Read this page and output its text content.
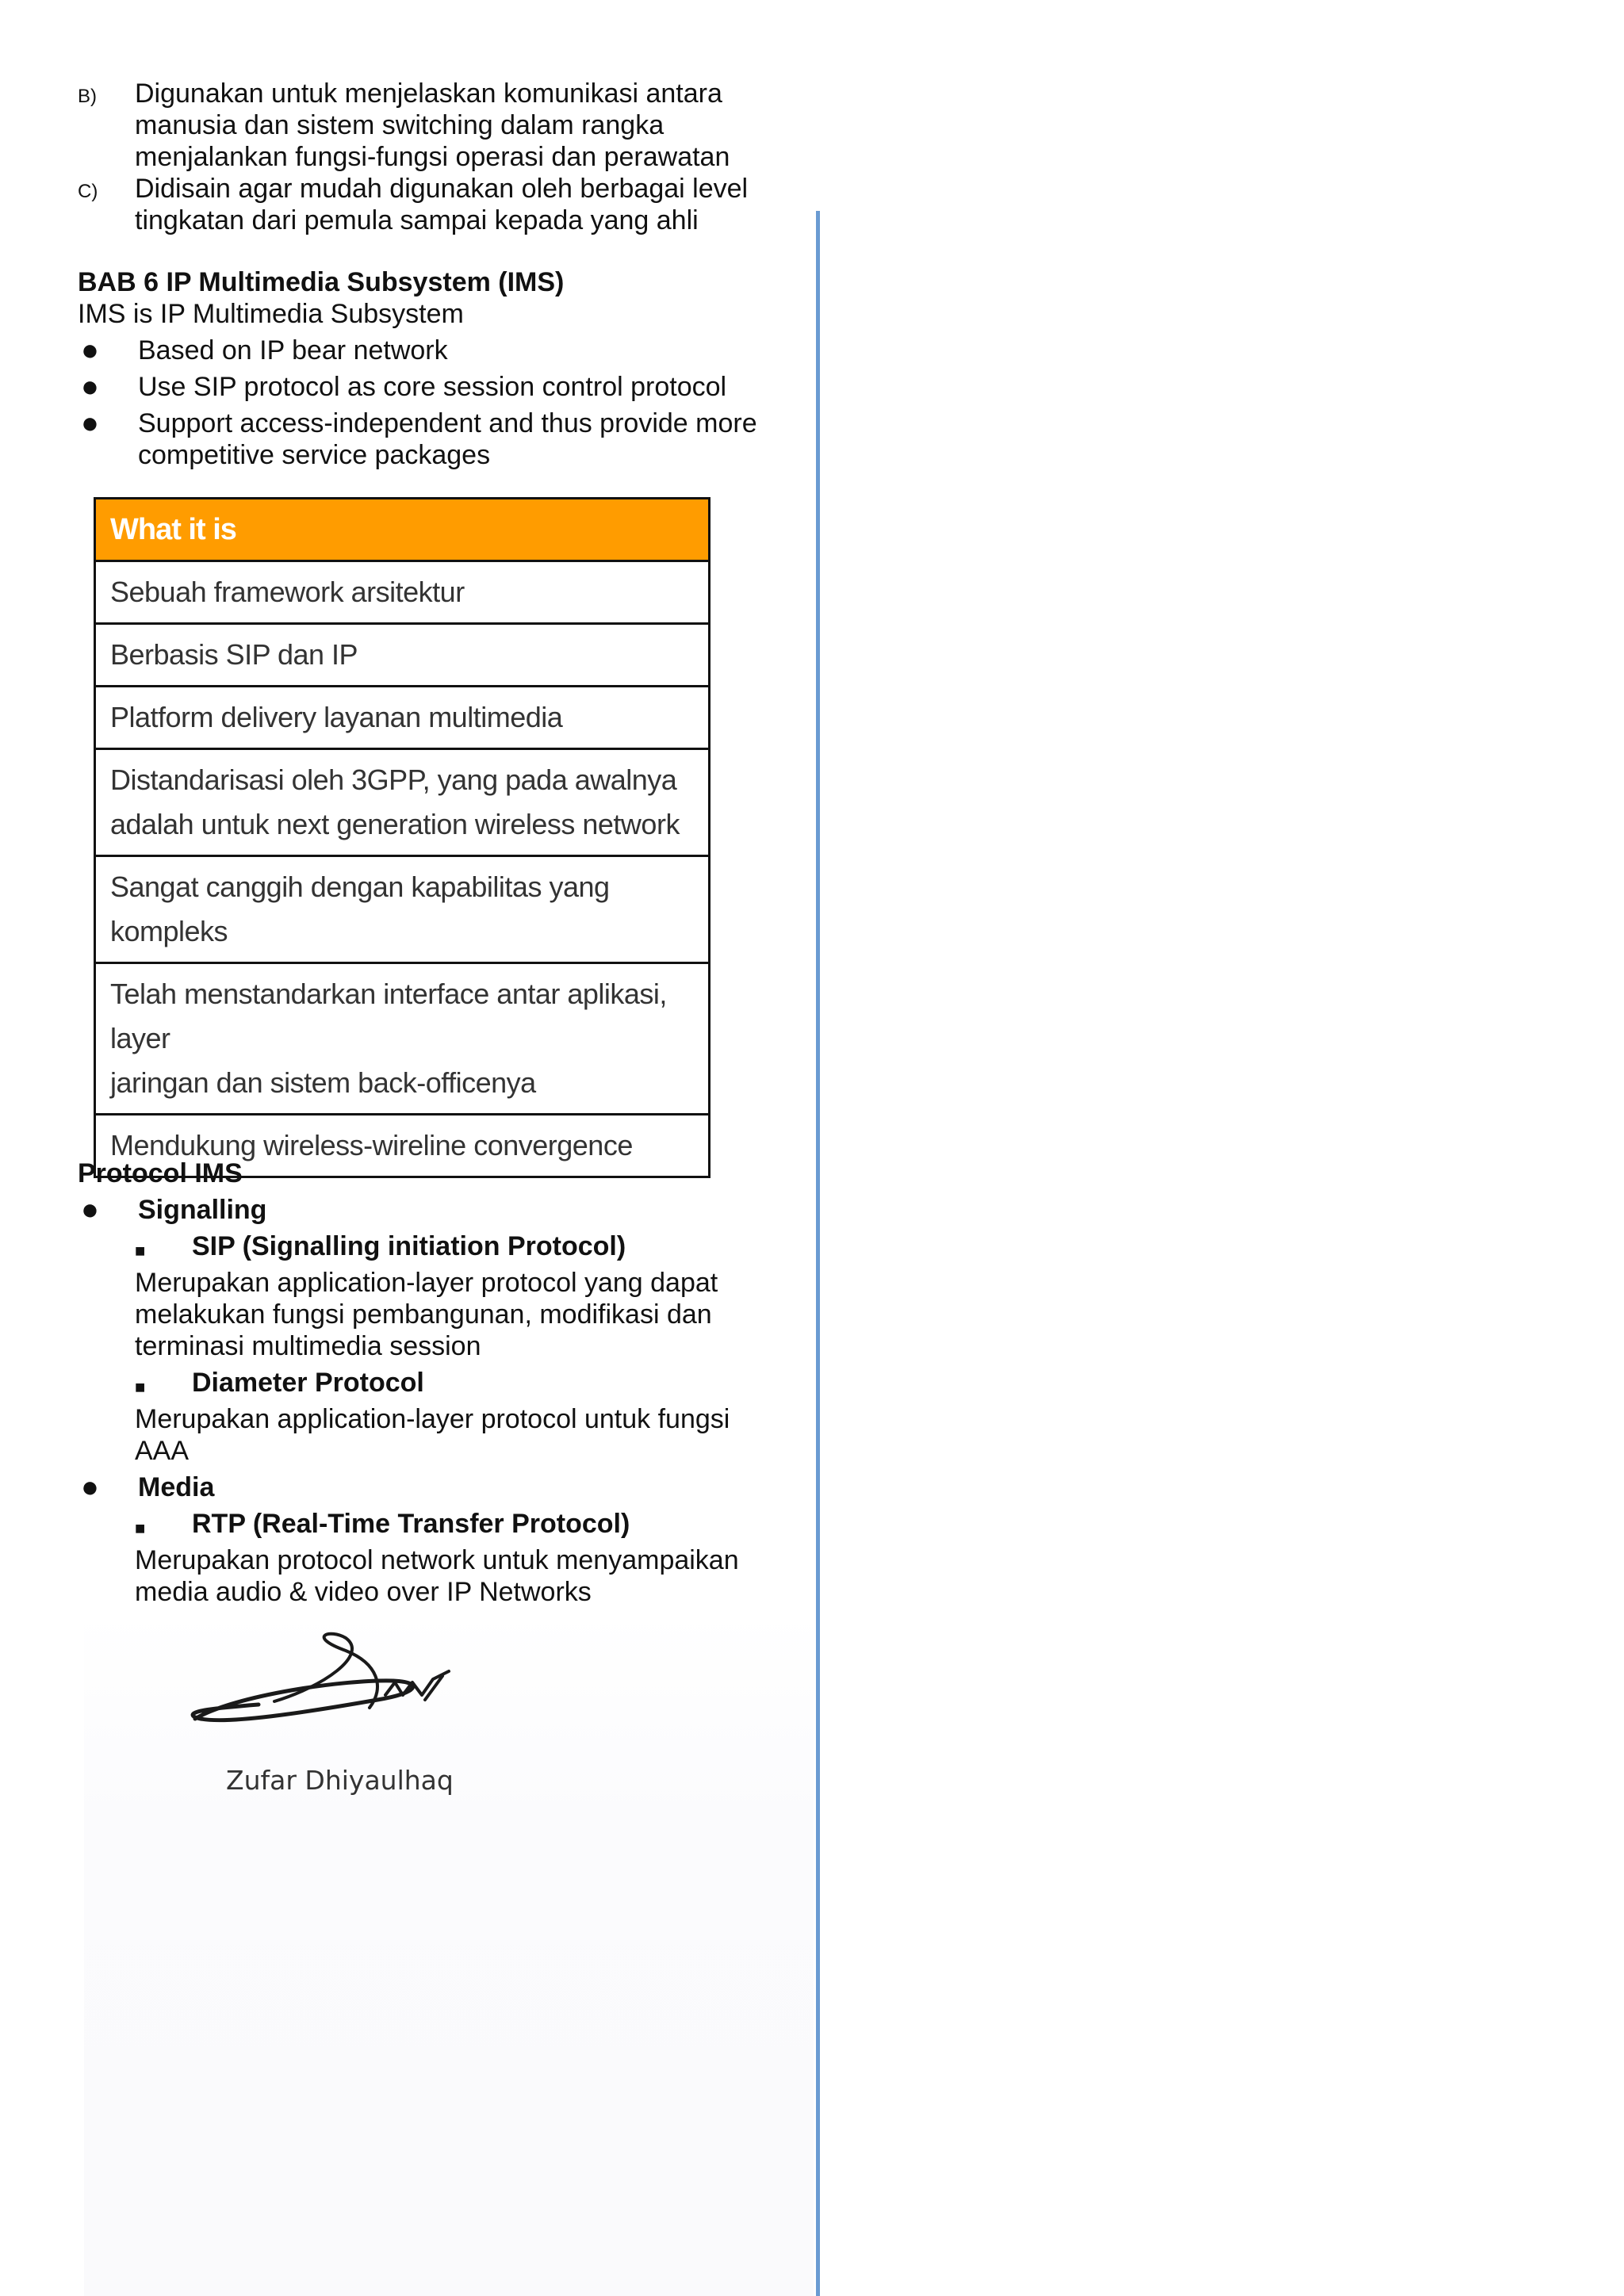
B)	Digunakan untuk menjelaskan komunikasi antara
manusia dan sistem switching dalam rangka
menjalankan fungsi-fungsi operasi dan perawatan
C)	Didisain agar mudah digunakan oleh berbagai level
tingkatan dari pemula sampai kepada yang ahli
BAB 6 IP Multimedia Subsystem (IMS)
IMS is IP Multimedia Subsystem
●	Based on IP bear network
●	Use SIP protocol as core session control protocol
●	Support access-independent and thus provide more
competitive service packages
What it is
Sebuah framework arsitektur
Berbasis SIP dan IP
Platform delivery layanan multimedia
Distandarisasi oleh 3GPP, yang pada awalnya
adalah untuk next generation wireless network
Sangat canggih dengan kapabilitas yang kompleks
Telah menstandarkan interface antar aplikasi, layer
jaringan dan sistem back-officenya
Mendukung wireless-wireline convergence
Protocol IMS
●	Signalling
■	SIP (Signalling initiation Protocol)
Merupakan application-layer protocol yang dapat
melakukan fungsi pembangunan, modifikasi dan
terminasi multimedia session
■	Diameter Protocol
Merupakan application-layer protocol untuk fungsi
AAA
●	Media
■	RTP (Real-Time Transfer Protocol)
Merupakan protocol network untuk menyampaikan
media audio & video over IP Networks
Zufar Dhiyaulhaq
